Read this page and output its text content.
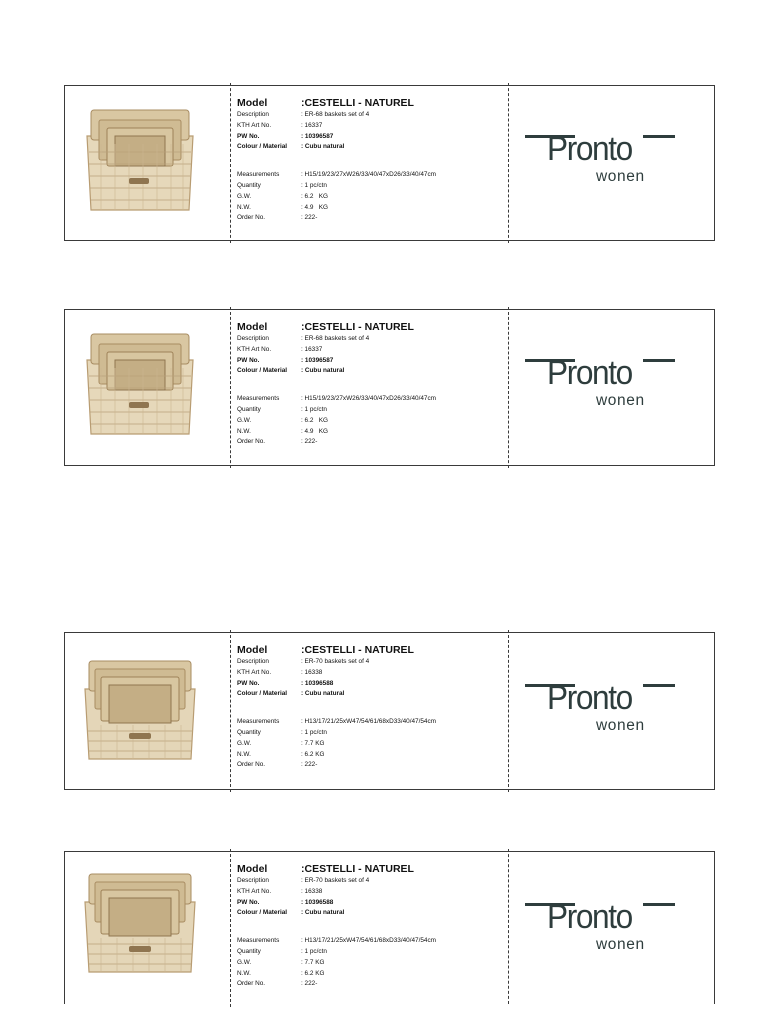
Model	:CESTELLI - NATUREL
Description	: ER-68 baskets set of 4
KTH Art No.	: 16337
PW No.	: 10396587
Colour / Material	: Cubu natural
Measurements	: H15/19/23/27xW26/33/40/47xD26/33/40/47cm
Quantity	: 1 pc/ctn
G.W.	: 6.2   KG
N.W.	: 4.9   KG
Order No.	: 222-
Pronto
wonen
Model	:CESTELLI - NATUREL
Description	: ER-68 baskets set of 4
KTH Art No.	: 16337
PW No.	: 10396587
Colour / Material	: Cubu natural
Measurements	: H15/19/23/27xW26/33/40/47xD26/33/40/47cm
Quantity	: 1 pc/ctn
G.W.	: 6.2   KG
N.W.	: 4.9   KG
Order No.	: 222-
Pronto
wonen
Model	:CESTELLI - NATUREL
Description	: ER-70 baskets set of 4
KTH Art No.	: 16338
PW No.	: 10396588
Colour / Material	: Cubu natural
Measurements	: H13/17/21/25xW47/54/61/68xD33/40/47/54cm
Quantity	: 1 pc/ctn
G.W.	: 7.7 KG
N.W.	: 6.2 KG
Order No.	: 222-
Pronto
wonen
Model	:CESTELLI - NATUREL
Description	: ER-70 baskets set of 4
KTH Art No.	: 16338
PW No.	: 10396588
Colour / Material	: Cubu natural
Measurements	: H13/17/21/25xW47/54/61/68xD33/40/47/54cm
Quantity	: 1 pc/ctn
G.W.	: 7.7 KG
N.W.	: 6.2 KG
Order No.	: 222-
Pronto
wonen
